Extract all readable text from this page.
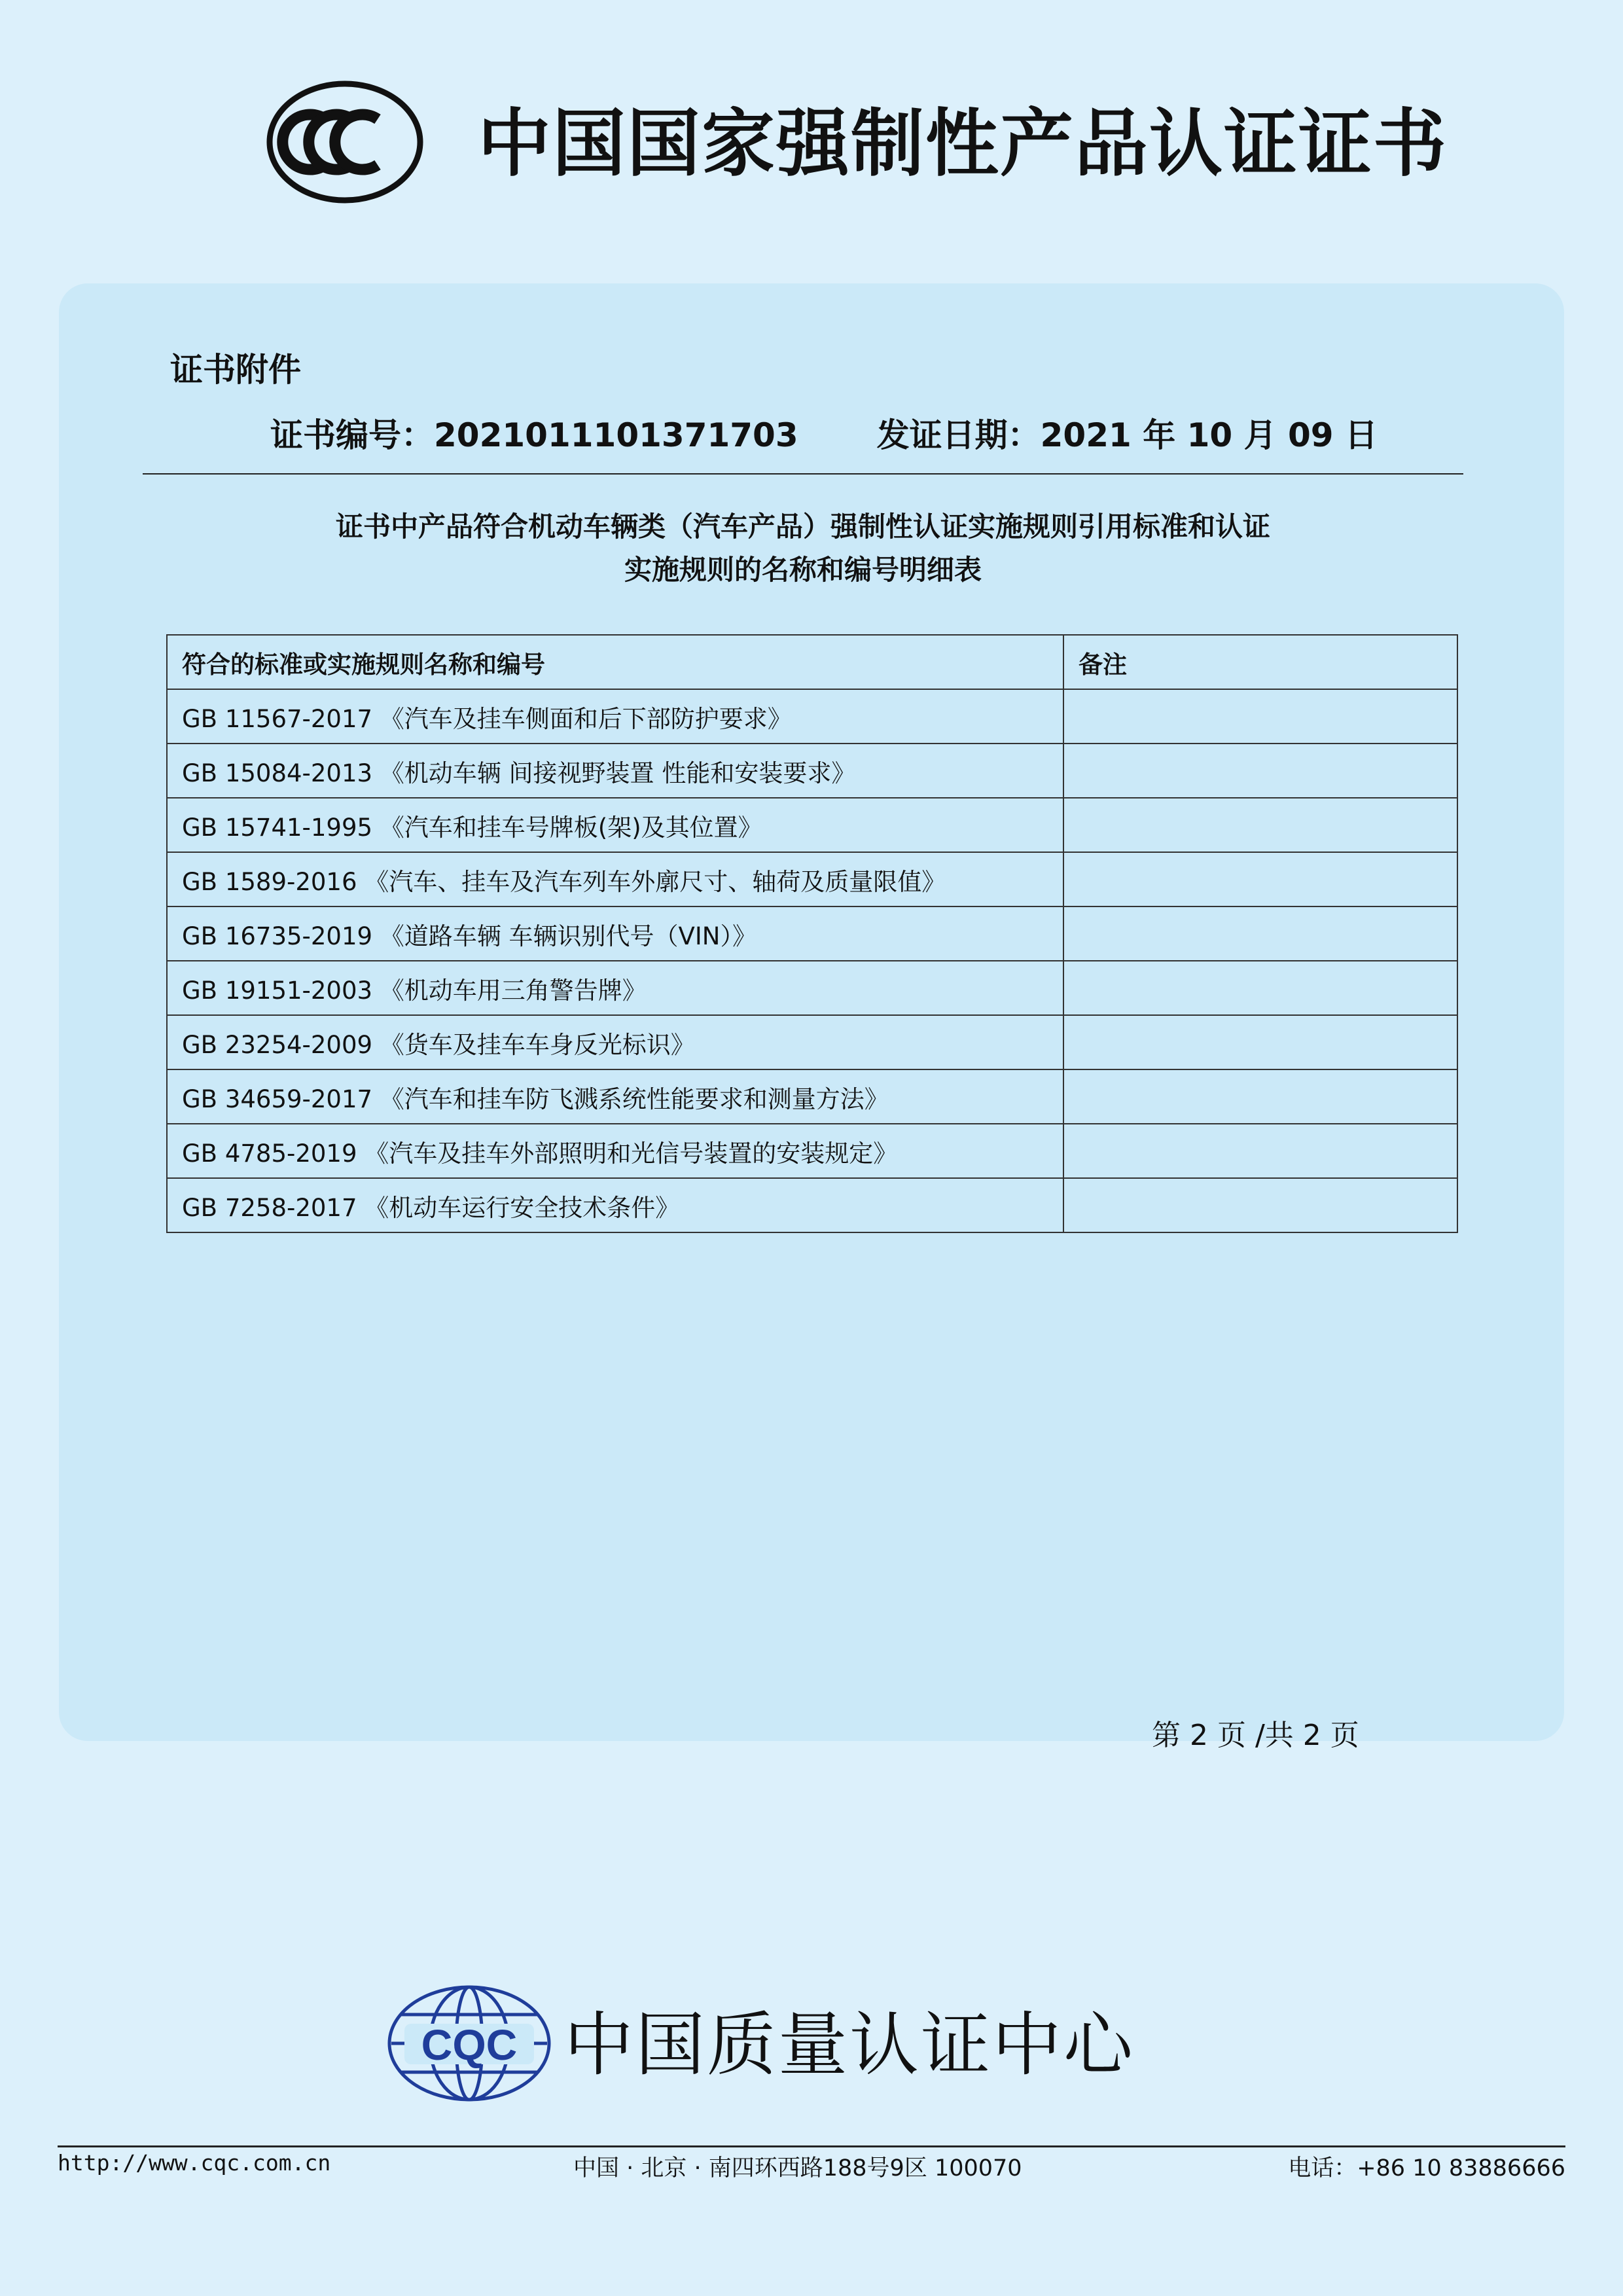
中国国家强制性产品认证证书
证书附件
证书编号：2021011101371703 发证日期：2021 年 10 月 09 日
证书中产品符合机动车辆类（汽车产品）强制性认证实施规则引用标准和认证
实施规则的名称和编号明细表
符合的标准或实施规则名称和编号	备注
GB 11567-2017 《汽车及挂车侧面和后下部防护要求》	
GB 15084-2013 《机动车辆 间接视野装置 性能和安装要求》	
GB 15741-1995 《汽车和挂车号牌板(架)及其位置》	
GB 1589-2016 《汽车、挂车及汽车列车外廓尺寸、轴荷及质量限值》	
GB 16735-2019 《道路车辆 车辆识别代号（VIN）》	
GB 19151-2003 《机动车用三角警告牌》	
GB 23254-2009 《货车及挂车车身反光标识》	
GB 34659-2017 《汽车和挂车防飞溅系统性能要求和测量方法》	
GB 4785-2019 《汽车及挂车外部照明和光信号装置的安装规定》	
GB 7258-2017 《机动车运行安全技术条件》	
第 2 页 /共 2 页
CQC 中国质量认证中心
http://www.cqc.com.cn	中国 · 北京 · 南四环西路188号9区 100070	电话：+86 10 83886666
